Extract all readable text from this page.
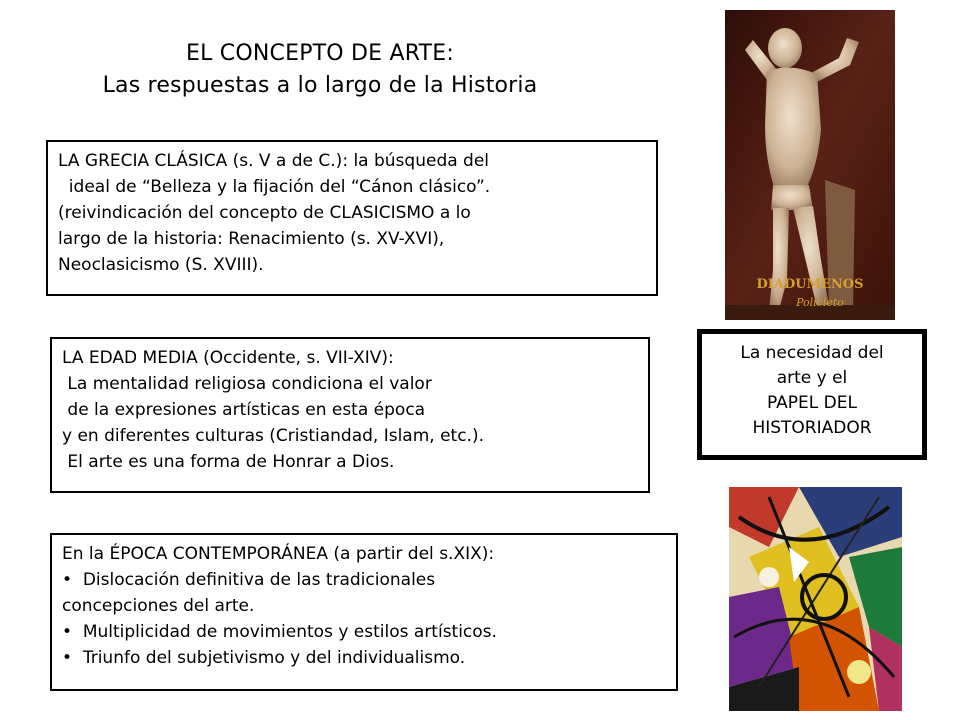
EL CONCEPTO DE ARTE:
Las respuestas a lo largo de la Historia
LA GRECIA CLÁSICA (s. V a de C.): la búsqueda del
ideal de “Belleza y la fijación del “Cánon clásico”.
(reivindicación del concepto de CLASICISMO a lo
largo de la historia: Renacimiento (s. XV-XVI),
Neoclasicismo (S. XVIII).
LA EDAD MEDIA (Occidente, s. VII-XIV):
La mentalidad religiosa condiciona el valor
de la expresiones artísticas en esta época
y en diferentes culturas (Cristiandad, Islam, etc.).
El arte es una forma de Honrar a Dios.
En la ÉPOCA CONTEMPORÁNEA (a partir del s.XIX):
•  Dislocación definitiva de las tradicionales
concepciones del arte.
•  Multiplicidad de movimientos y estilos artísticos.
•  Triunfo del subjetivismo y del individualismo.
La necesidad del
arte y el
PAPEL DEL
HISTORIADOR
DIADUMENOS
Policleto
